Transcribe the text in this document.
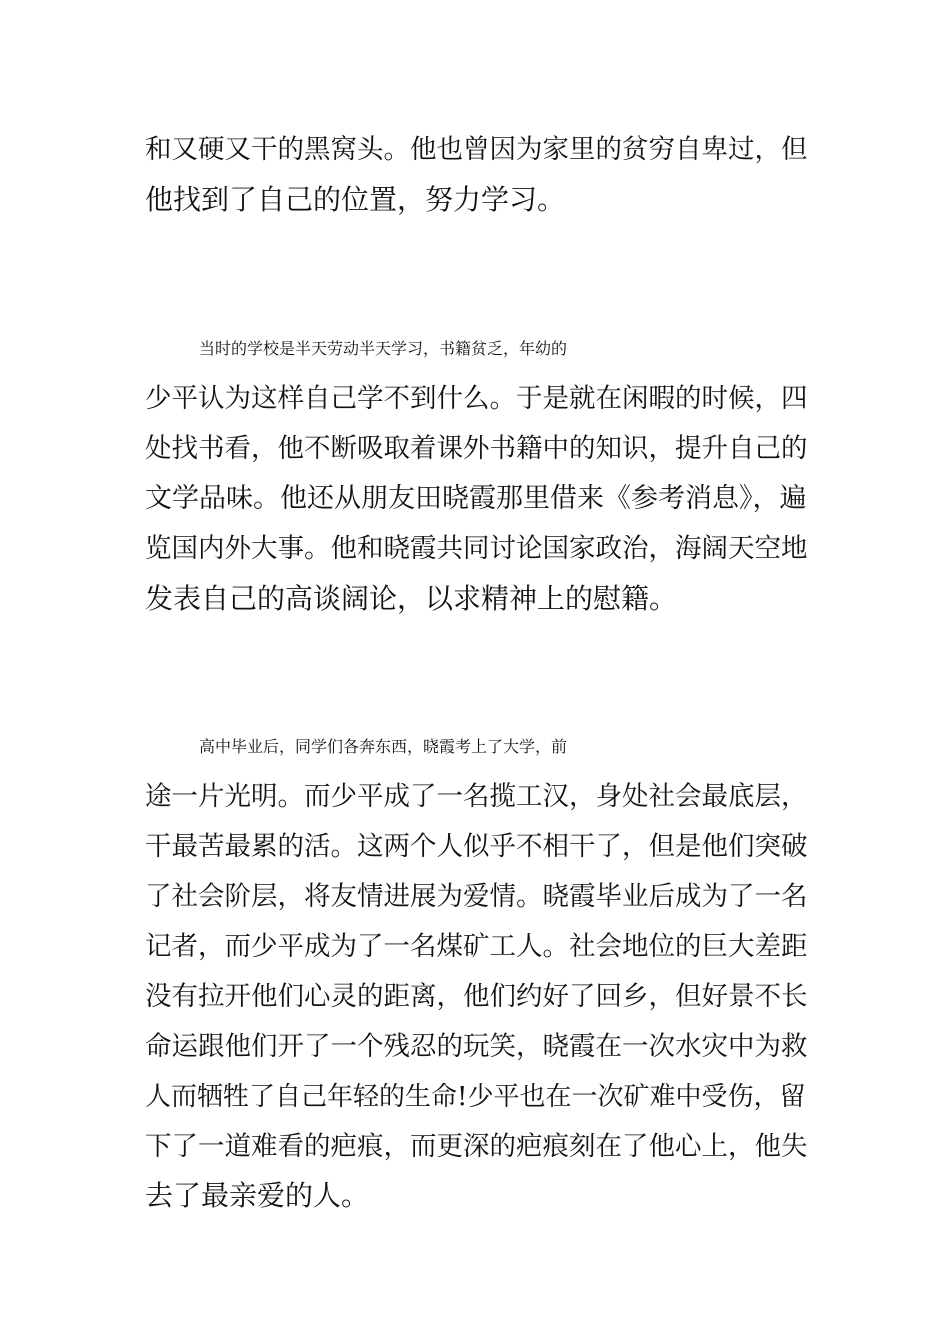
和又硬又干的黑窝头。他也曾因为家里的贫穷自卑过，但
他找到了自己的位置，努力学习。
当时的学校是半天劳动半天学习，书籍贫乏，年幼的
少平认为这样自己学不到什么。于是就在闲暇的时候，四
处找书看，他不断吸取着课外书籍中的知识，提升自己的
文学品味。他还从朋友田晓霞那里借来《参考消息》，遍
览国内外大事。他和晓霞共同讨论国家政治，海阔天空地
发表自己的高谈阔论，以求精神上的慰籍。
高中毕业后，同学们各奔东西，晓霞考上了大学，前
途一片光明。而少平成了一名揽工汉，身处社会最底层，
干最苦最累的活。这两个人似乎不相干了，但是他们突破
了社会阶层，将友情进展为爱情。晓霞毕业后成为了一名
记者，而少平成为了一名煤矿工人。社会地位的巨大差距
没有拉开他们心灵的距离，他们约好了回乡，但好景不长
命运跟他们开了一个残忍的玩笑，晓霞在一次水灾中为救
人而牺牲了自己年轻的生命!少平也在一次矿难中受伤，留
下了一道难看的疤痕，而更深的疤痕刻在了他心上，他失
去了最亲爱的人。
